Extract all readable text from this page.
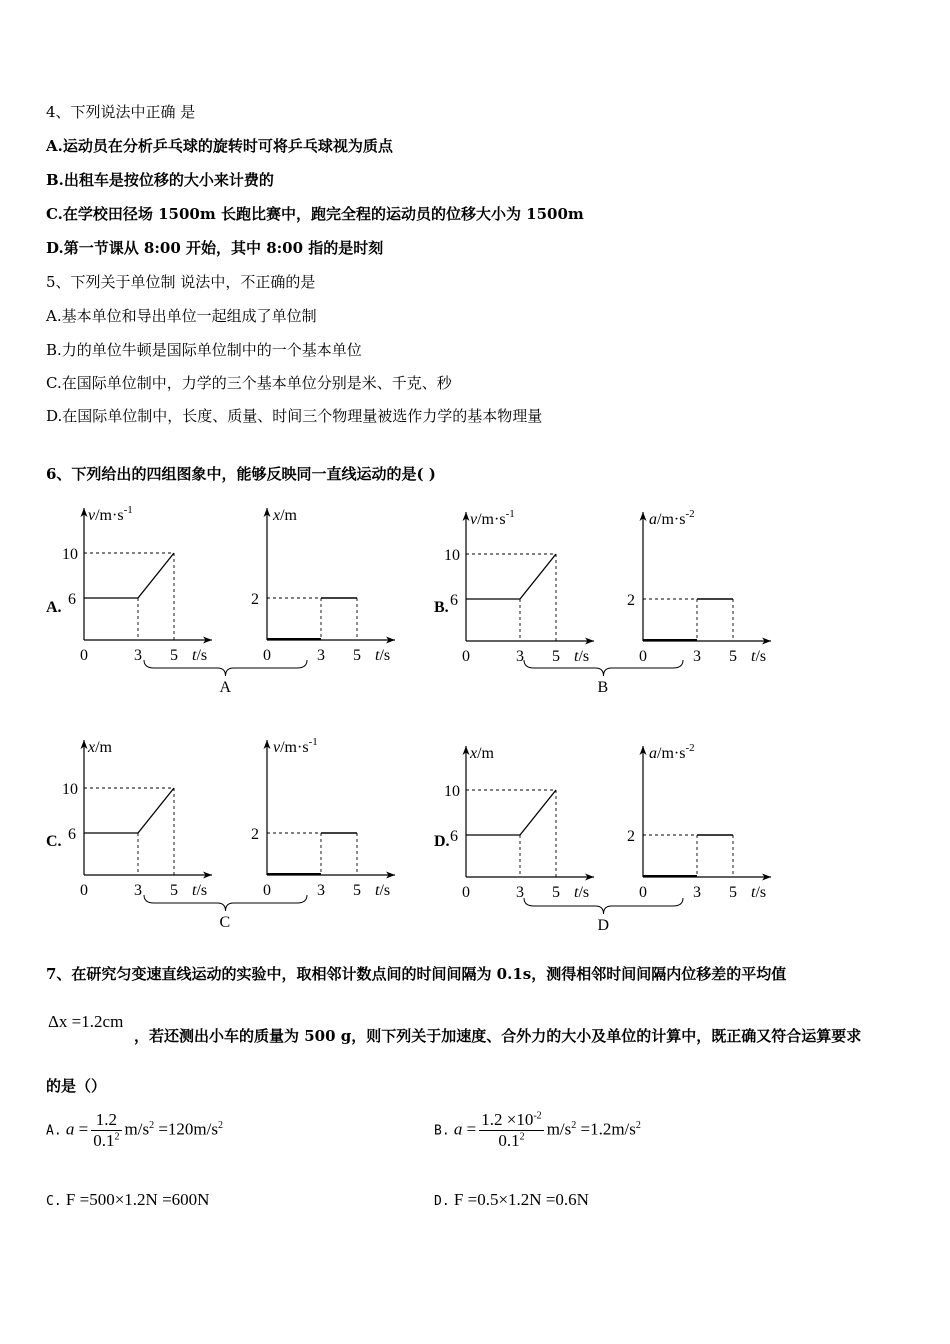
4、下列说法中正确 是
A.运动员在分析乒乓球的旋转时可将乒乓球视为质点
B.出租车是按位移的大小来计费的
C.在学校田径场 1500m 长跑比赛中，跑完全程的运动员的位移大小为 1500m
D.第一节课从 8:00 开始，其中 8:00 指的是时刻
5、下列关于单位制 说法中，不正确的是
A.基本单位和导出单位一起组成了单位制
B.力的单位牛顿是国际单位制中的一个基本单位
C.在国际单位制中，力学的三个基本单位分别是米、千克、秒
D.在国际单位制中，长度、质量、时间三个物理量被选作力学的基本物理量
6、下列给出的四组图象中，能够反映同一直线运动的是( )
A.
$v/m\cdot s^{-1}$
10
6
0	3 5 t/s
x/m
2
0	3 5 t/s
A
B.
$v/m\cdot s^{-1}$
10
6
0	3 5 t/s
$a/m\cdot s^{-2}$
2
0	3 5 t/s
B
C.
x/m
10
6
0	3 5 t/s
$v/m\cdot s^{-1}$
2
0	3 5 t/s
C
D.
x/m
10
6
0	3 5 t/s
$a/m\cdot s^{-2}$
2
0	3 5 t/s
D
7、在研究匀变速直线运动的实验中，取相邻计数点间的时间间隔为 0.1s，测得相邻时间间隔内位移差的平均值
Δx =1.2cm
，若还测出小车的质量为 500 g，则下列关于加速度、合外力的大小及单位的计算中，既正确又符合运算要求
的是（）
A. $a = \frac{1.2}{0.1^2} m/s^2 =120m/s^2$	B. $a = \frac{1.2 \times 10^{-2}}{0.1^2} m/s^2 =1.2m/s^2$
C. F =500×1.2N =600N	D. F =0.5×1.2N =0.6N
